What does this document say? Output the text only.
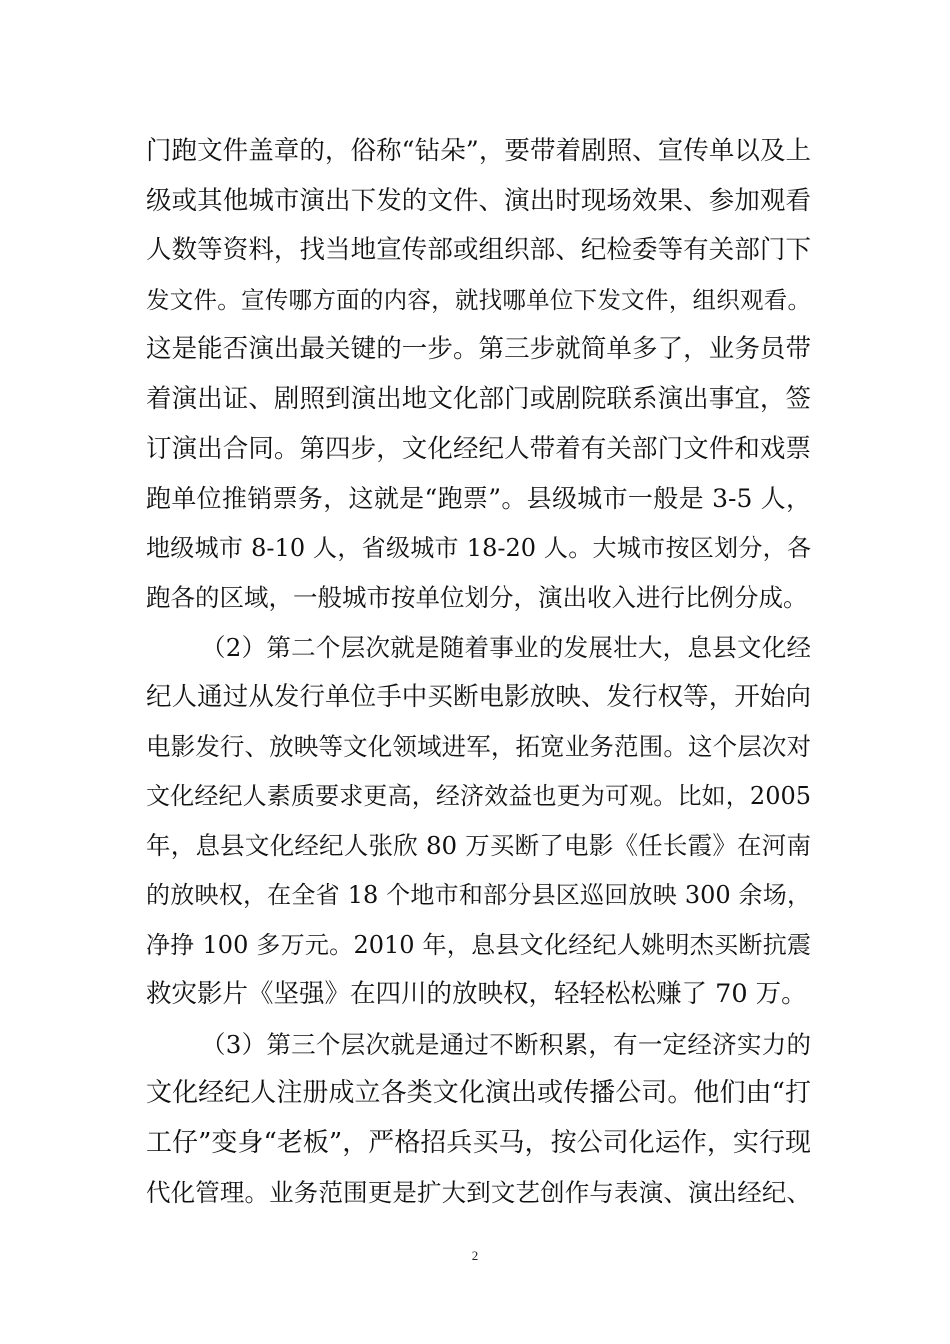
门跑文件盖章的，俗称“钻朵”，要带着剧照、宣传单以及上
级或其他城市演出下发的文件、演出时现场效果、参加观看
人数等资料，找当地宣传部或组织部、纪检委等有关部门下
发文件。宣传哪方面的内容，就找哪单位下发文件，组织观看。
这是能否演出最关键的一步。第三步就简单多了，业务员带
着演出证、剧照到演出地文化部门或剧院联系演出事宜，签
订演出合同。第四步，文化经纪人带着有关部门文件和戏票
跑单位推销票务，这就是“跑票”。县级城市一般是 3-5 人，
地级城市 8-10 人，省级城市 18-20 人。大城市按区划分，各
跑各的区域，一般城市按单位划分，演出收入进行比例分成。
（2）第二个层次就是随着事业的发展壮大，息县文化经
纪人通过从发行单位手中买断电影放映、发行权等，开始向
电影发行、放映等文化领域进军，拓宽业务范围。这个层次对
文化经纪人素质要求更高，经济效益也更为可观。比如，2005
年，息县文化经纪人张欣 80 万买断了电影《任长霞》在河南
的放映权，在全省 18 个地市和部分县区巡回放映 300 余场，
净挣 100 多万元。2010 年，息县文化经纪人姚明杰买断抗震
救灾影片《坚强》在四川的放映权，轻轻松松赚了 70 万。
（3）第三个层次就是通过不断积累，有一定经济实力的
文化经纪人注册成立各类文化演出或传播公司。他们由“打
工仔”变身“老板”，严格招兵买马，按公司化运作，实行现
代化管理。业务范围更是扩大到文艺创作与表演、演出经纪、
2
